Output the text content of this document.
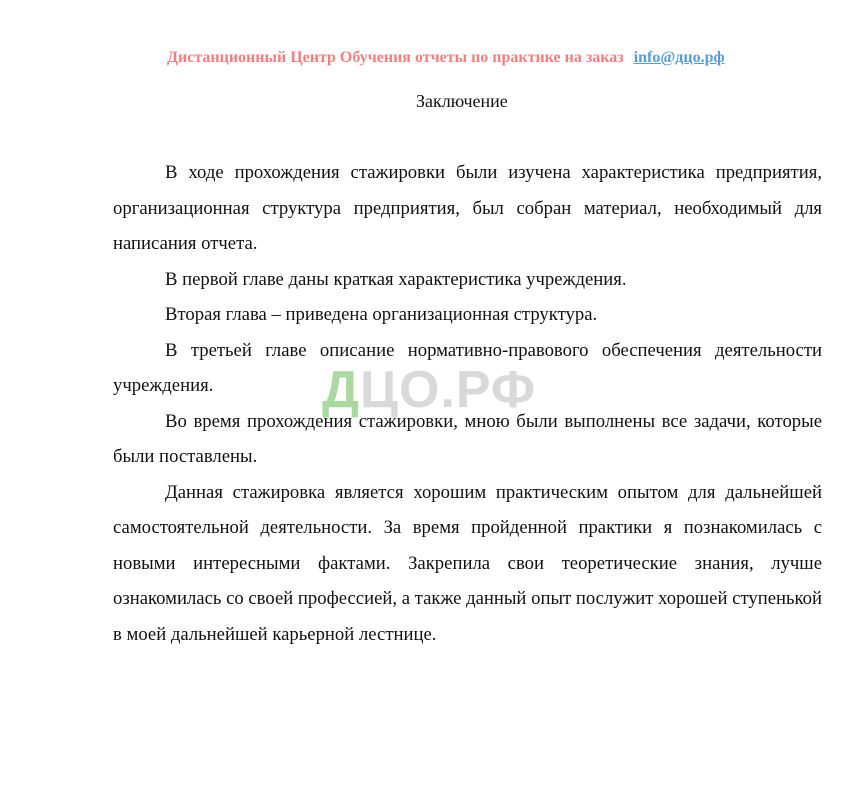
Дистанционный Центр Обучения отчеты по практике на заказ info@дцо.рф
Заключение
ДЦО.РФ

В ходе прохождения стажировки были изучена характеристика предприятия, организационная структура предприятия, был собран материал, необходимый для написания отчета.

В первой главе даны краткая характеристика учреждения.

Вторая глава – приведена организационная структура.

В третьей главе описание нормативно-правового обеспечения деятельности учреждения.

Во время прохождения стажировки, мною были выполнены все задачи, которые были поставлены.

Данная стажировка является хорошим практическим опытом для дальнейшей самостоятельной деятельности. За время пройденной практики я познакомилась с новыми интересными фактами. Закрепила свои теоретические знания, лучше ознакомилась со своей профессией, а также данный опыт послужит хорошей ступенькой в моей дальнейшей карьерной лестнице.
